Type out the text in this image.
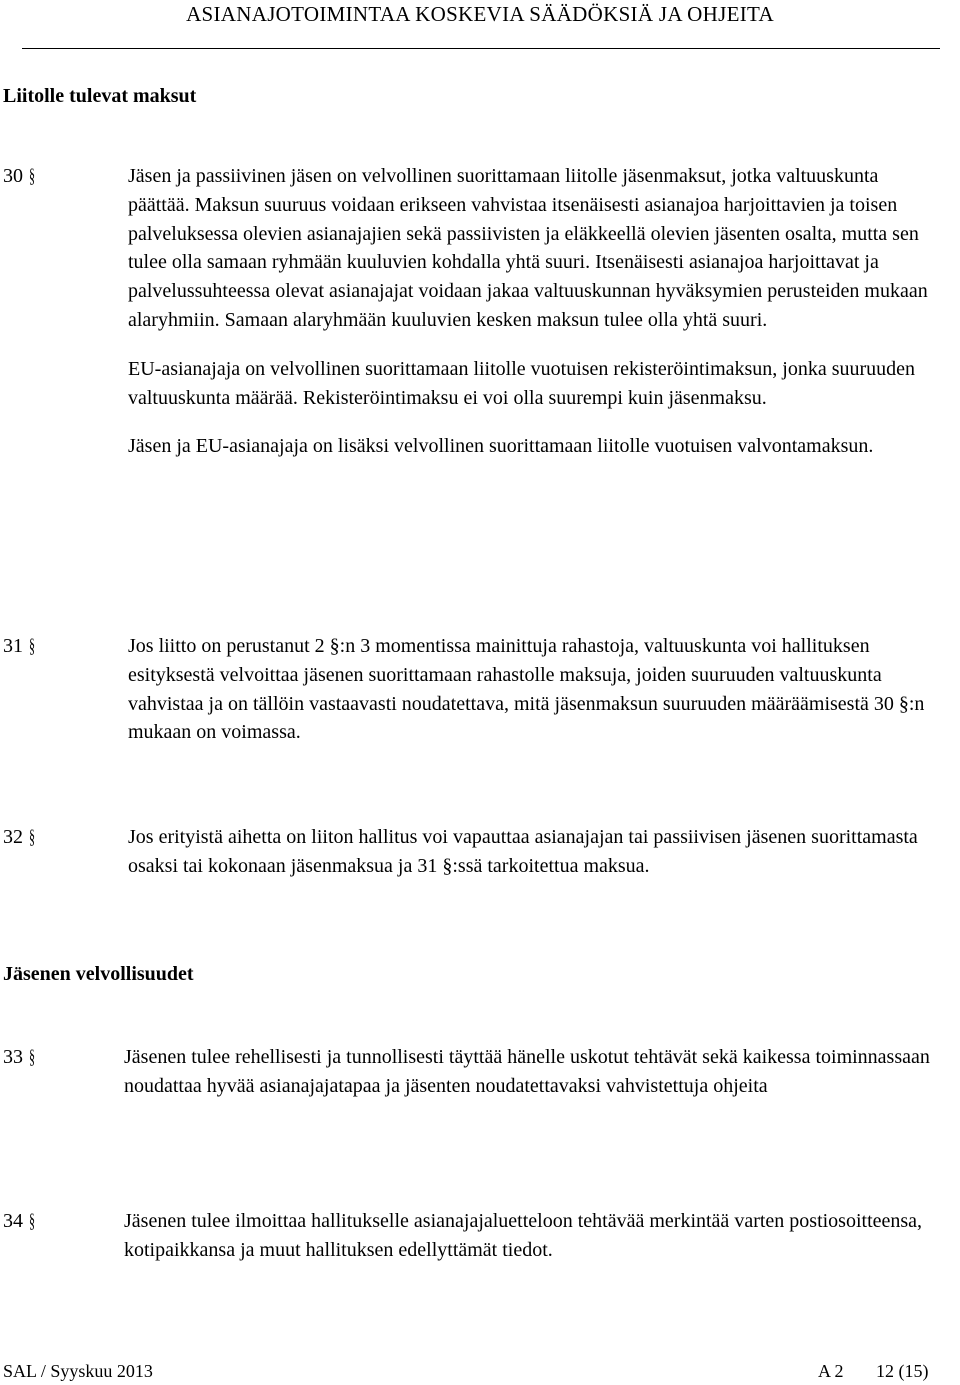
ASIANAJOTOIMINTAA KOSKEVIA SÄÄDÖKSIÄ JA OHJEITA
Liitolle tulevat maksut
30 §	Jäsen ja passiivinen jäsen on velvollinen suorittamaan liitolle jäsenmaksut, jotka valtuuskunta päättää. Maksun suuruus voidaan erikseen vahvistaa itsenäisesti asianajoa harjoittavien ja toisen palveluksessa olevien asianajajien sekä passiivisten ja eläkkeellä olevien jäsenten osalta, mutta sen tulee olla samaan ryhmään kuuluvien kohdalla yhtä suuri. Itsenäisesti asianajoa harjoittavat ja palvelussuhteessa olevat asianajajat voidaan jakaa valtuuskunnan hyväksymien perusteiden mukaan alaryhmiin. Samaan alaryhmään kuuluvien kesken maksun tulee olla yhtä suuri.

EU-asianajaja on velvollinen suorittamaan liitolle vuotuisen rekisteröintimaksun, jonka suuruuden valtuuskunta määrää. Rekisteröintimaksu ei voi olla suurempi kuin jäsenmaksu.

Jäsen ja EU-asianajaja on lisäksi velvollinen suorittamaan liitolle vuotuisen valvontamaksun.

31 §	Jos liitto on perustanut 2 §:n 3 momentissa mainittuja rahastoja, valtuuskunta voi hallituksen esityksestä velvoittaa jäsenen suorittamaan rahastolle maksuja, joiden suuruuden valtuuskunta vahvistaa ja on tällöin vastaavasti noudatettava, mitä jäsenmaksun suuruuden määräämisestä 30 §:n mukaan on voimassa.

32 §	Jos erityistä aihetta on liiton hallitus voi vapauttaa asianajajan tai passiivisen jäsenen suorittamasta osaksi tai kokonaan jäsenmaksua ja 31 §:ssä tarkoitettua maksua.

Jäsenen velvollisuudet
33 §	Jäsenen tulee rehellisesti ja tunnollisesti täyttää hänelle uskotut tehtävät sekä kaikessa toiminnassaan noudattaa hyvää asianajajatapaa ja jäsenten noudatettavaksi vahvistettuja ohjeita

34 §	Jäsenen tulee ilmoittaa hallitukselle asianajajaluetteloon tehtävää merkintää varten postiosoitteensa, kotipaikkansa ja muut hallituksen edellyttämät tiedot.

SAL / Syyskuu 2013	A 2 12 (15)
